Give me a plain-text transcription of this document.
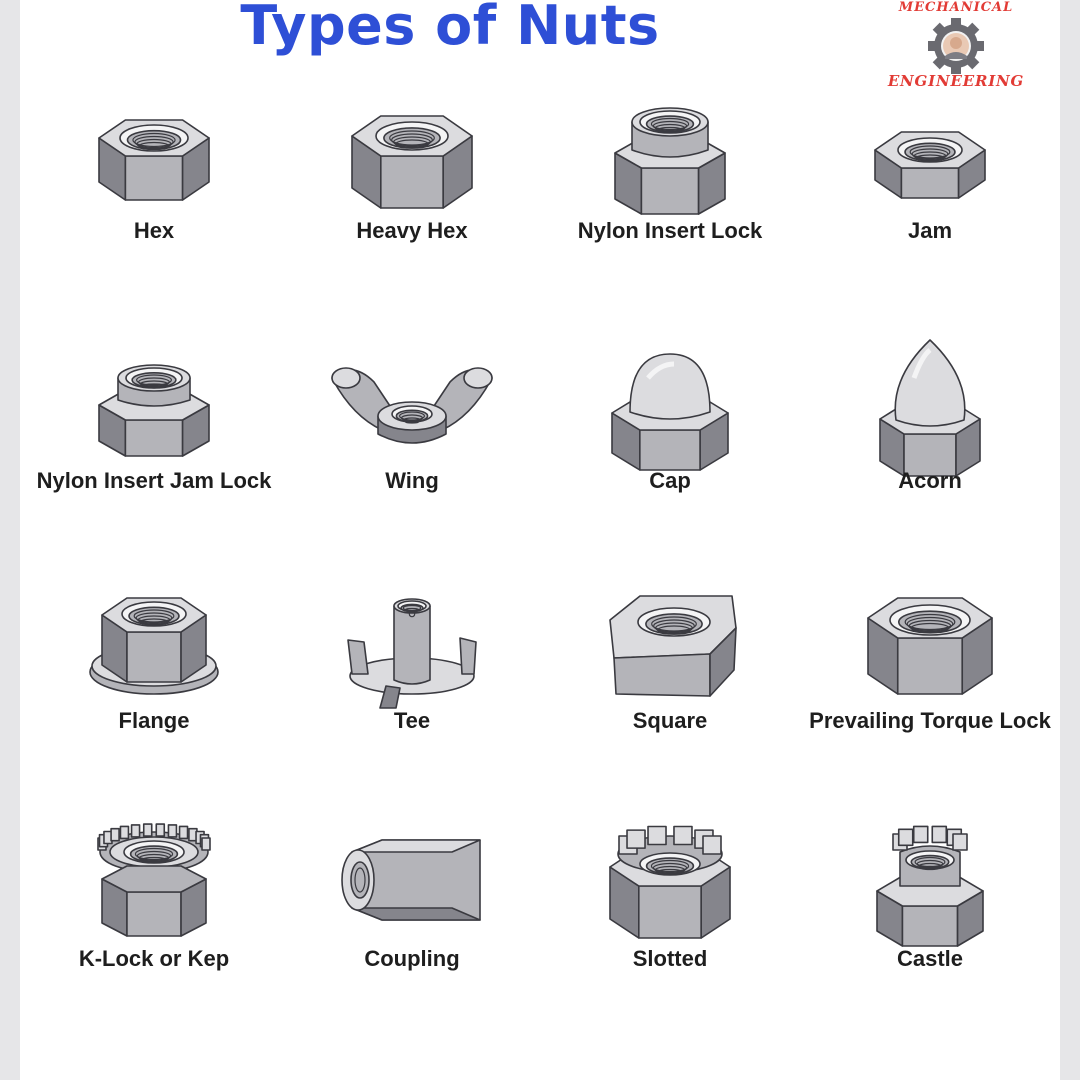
Types of Nuts	MECHANICAL
ENGINEERING
Hex	Heavy Hex	Nylon Insert Lock	Jam
Nylon Insert Jam Lock	Wing	Cap	Acorn
Flange	Tee	Square	Prevailing Torque Lock
K-Lock or Kep	Coupling	Slotted	Castle
